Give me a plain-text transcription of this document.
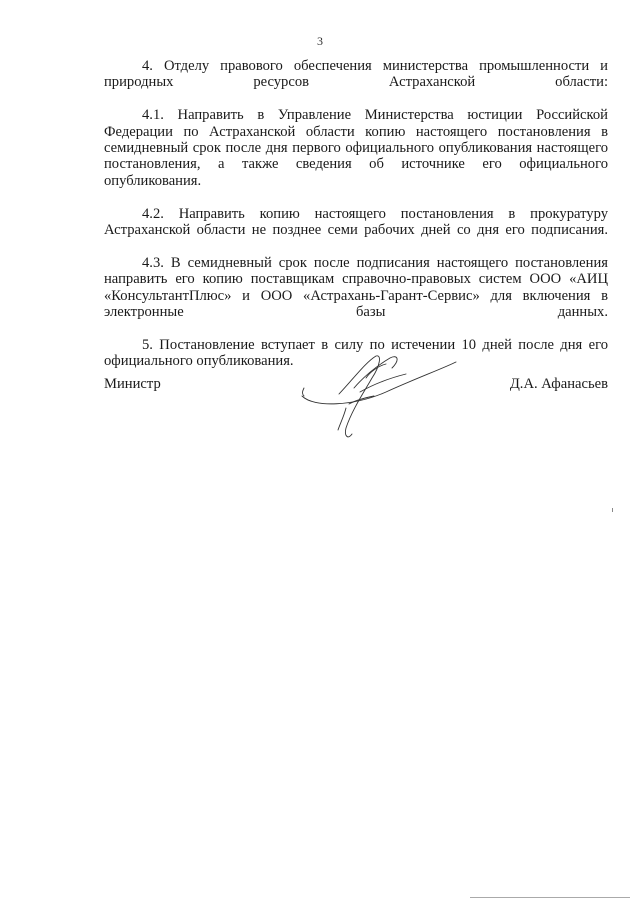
3

4. Отделу правового обеспечения министерства промышленности и природных ресурсов Астраханской области:

4.1. Направить в Управление Министерства юстиции Российской Федерации по Астраханской области копию настоящего постановления в семидневный срок после дня первого официального опубликования настоящего постановления, а также сведения об источнике его официального опубликования.

4.2. Направить копию настоящего постановления в прокуратуру Астраханской области не позднее семи рабочих дней со дня его подписания.

4.3. В семидневный срок после подписания настоящего постановления направить его копию поставщикам справочно-правовых систем ООО «АИЦ «КонсультантПлюс» и ООО «Астрахань-Гарант-Сервис» для включения в электронные базы данных.

5. Постановление вступает в силу по истечении 10 дней после дня его официального опубликования.

Министр	Д.А. Афанасьев
